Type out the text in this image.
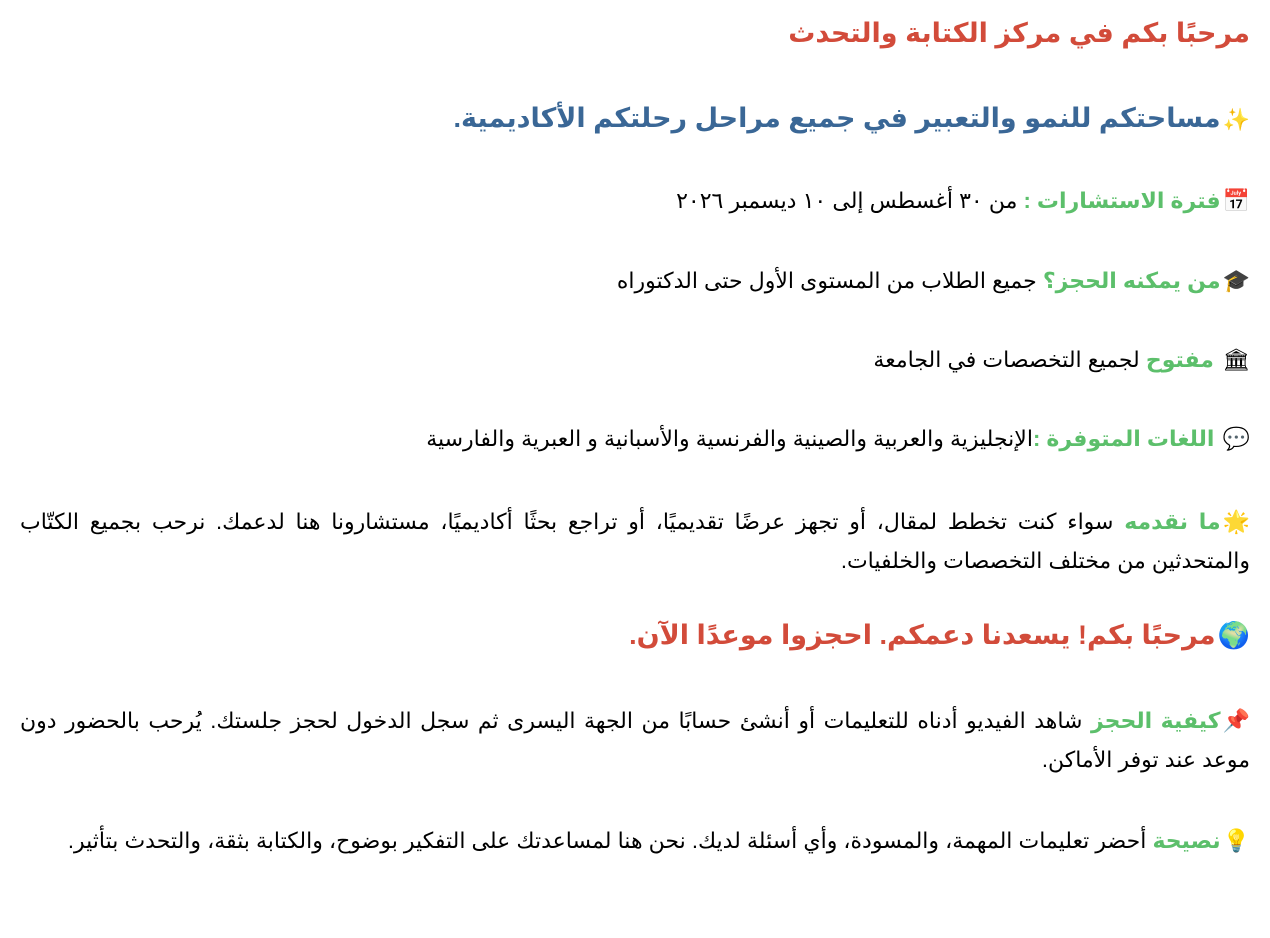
مرحبًا بكم في مركز الكتابة والتحدث
✨مساحتكم للنمو والتعبير في جميع مراحل رحلتكم الأكاديمية.
📅فترة الاستشارات : من ٣٠ أغسطس إلى ١٠ ديسمبر ٢٠٢٦
🎓من يمكنه الحجز؟ جميع الطلاب من المستوى الأول حتى الدكتوراه
🏛 مفتوح لجميع التخصصات في الجامعة
💬 اللغات المتوفرة :الإنجليزية والعربية والصينية والفرنسية والأسبانية و العبرية والفارسية
🌟ما نقدمه سواء كنت تخطط لمقال، أو تجهز عرضًا تقديميًا، أو تراجع بحثًا أكاديميًا، مستشارونا هنا لدعمك. نرحب بجميع الكتّاب والمتحدثين من مختلف التخصصات والخلفيات.
🌍مرحبًا بكم! يسعدنا دعمكم. احجزوا موعدًا الآن.
📌كيفية الحجز شاهد الفيديو أدناه للتعليمات أو أنشئ حسابًا من الجهة اليسرى ثم سجل الدخول لحجز جلستك. يُرحب بالحضور دون موعد عند توفر الأماكن.
💡نصيحة أحضر تعليمات المهمة، والمسودة، وأي أسئلة لديك. نحن هنا لمساعدتك على التفكير بوضوح، والكتابة بثقة، والتحدث بتأثير.
